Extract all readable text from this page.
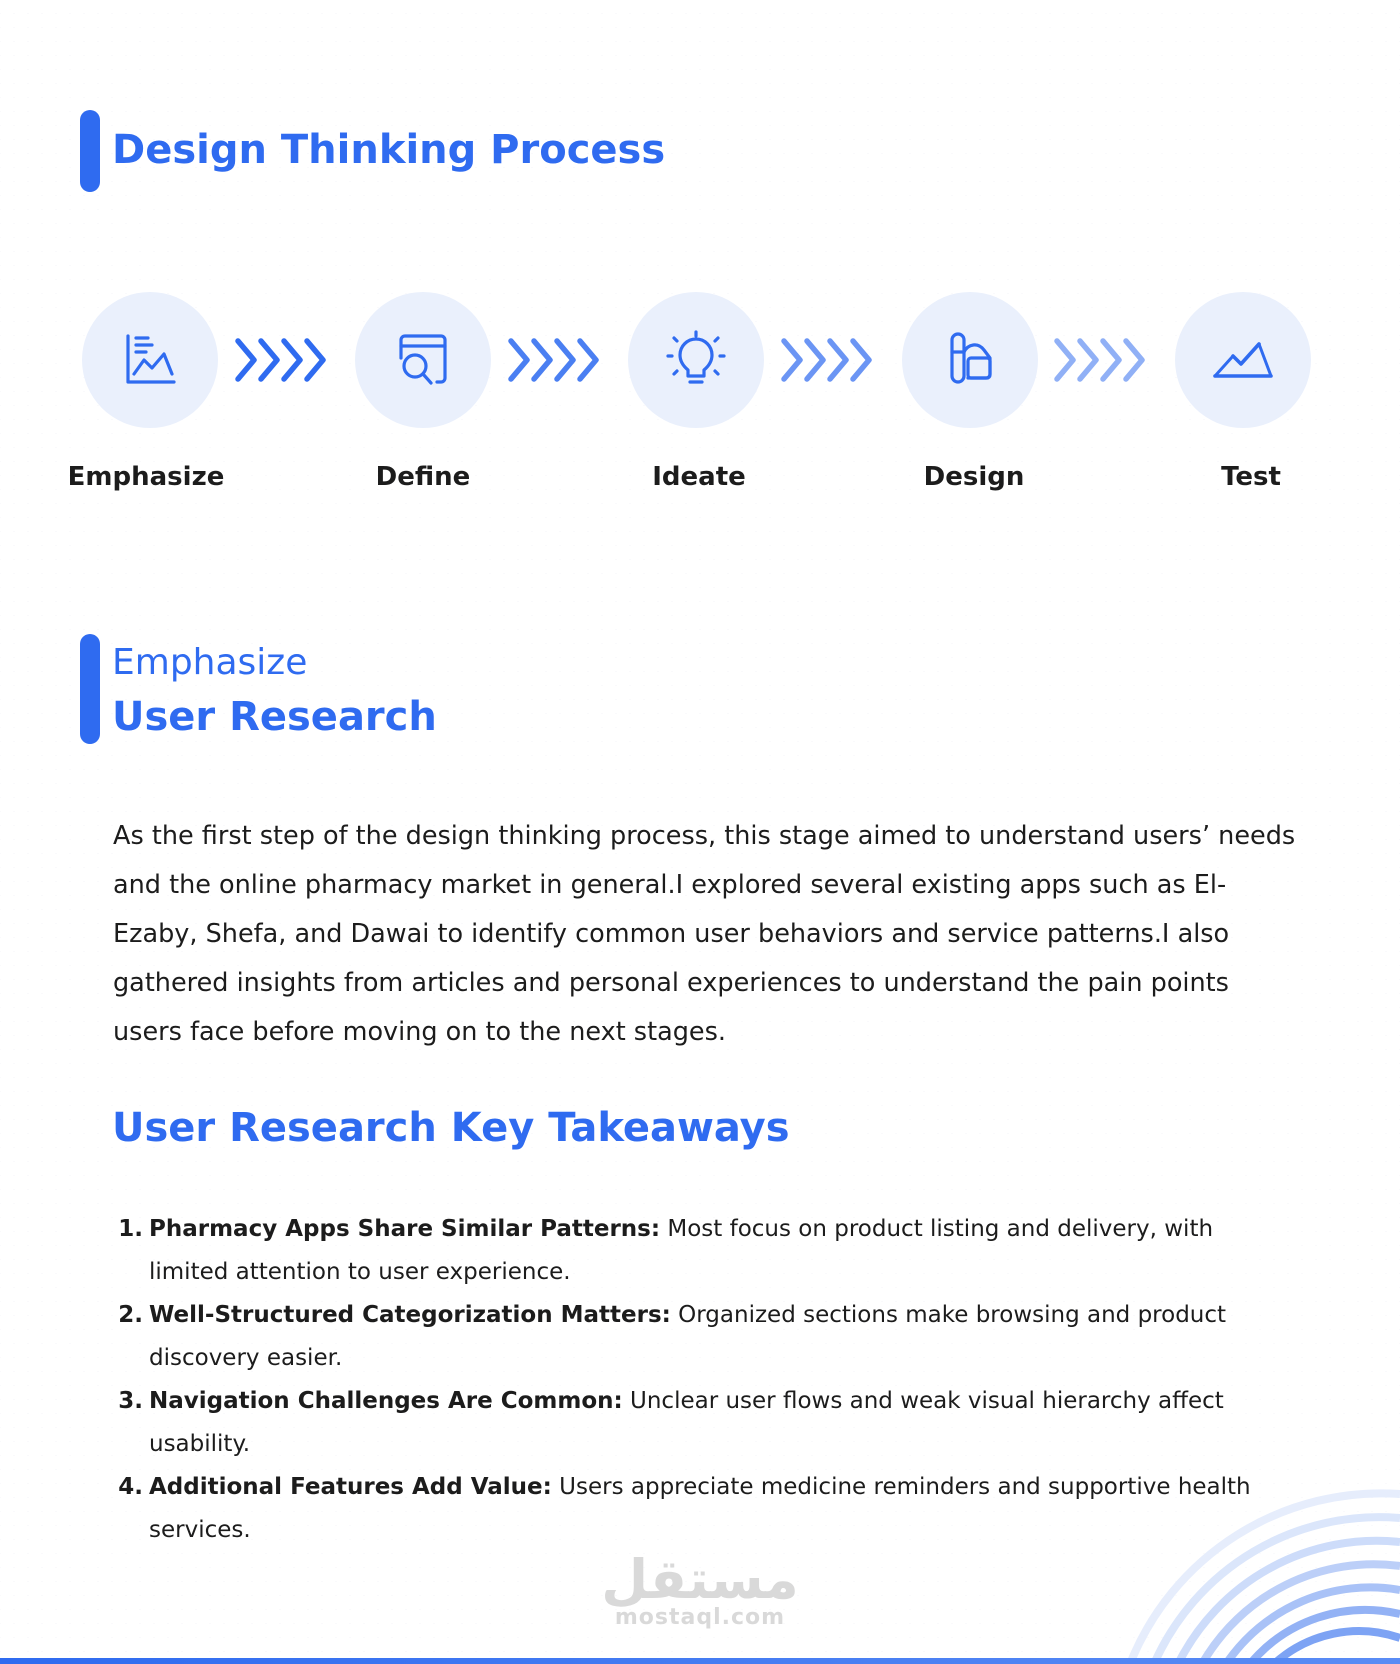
Design Thinking Process
Emphasize	Define	Ideate	Design	Test
Emphasize
User Research

As the first step of the design thinking process, this stage aimed to understand users’ needs and the online pharmacy market in general.I explored several existing apps such as El-Ezaby, Shefa, and Dawai to identify common user behaviors and service patterns.I also gathered insights from articles and personal experiences to understand the pain points users face before moving on to the next stages.

User Research Key Takeaways
1. Pharmacy Apps Share Similar Patterns: Most focus on product listing and delivery, with limited attention to user experience.
2. Well-Structured Categorization Matters: Organized sections make browsing and product discovery easier.
3. Navigation Challenges Are Common: Unclear user flows and weak visual hierarchy affect usability.
4. Additional Features Add Value: Users appreciate medicine reminders and supportive health services.
مستقل
mostaql.com
